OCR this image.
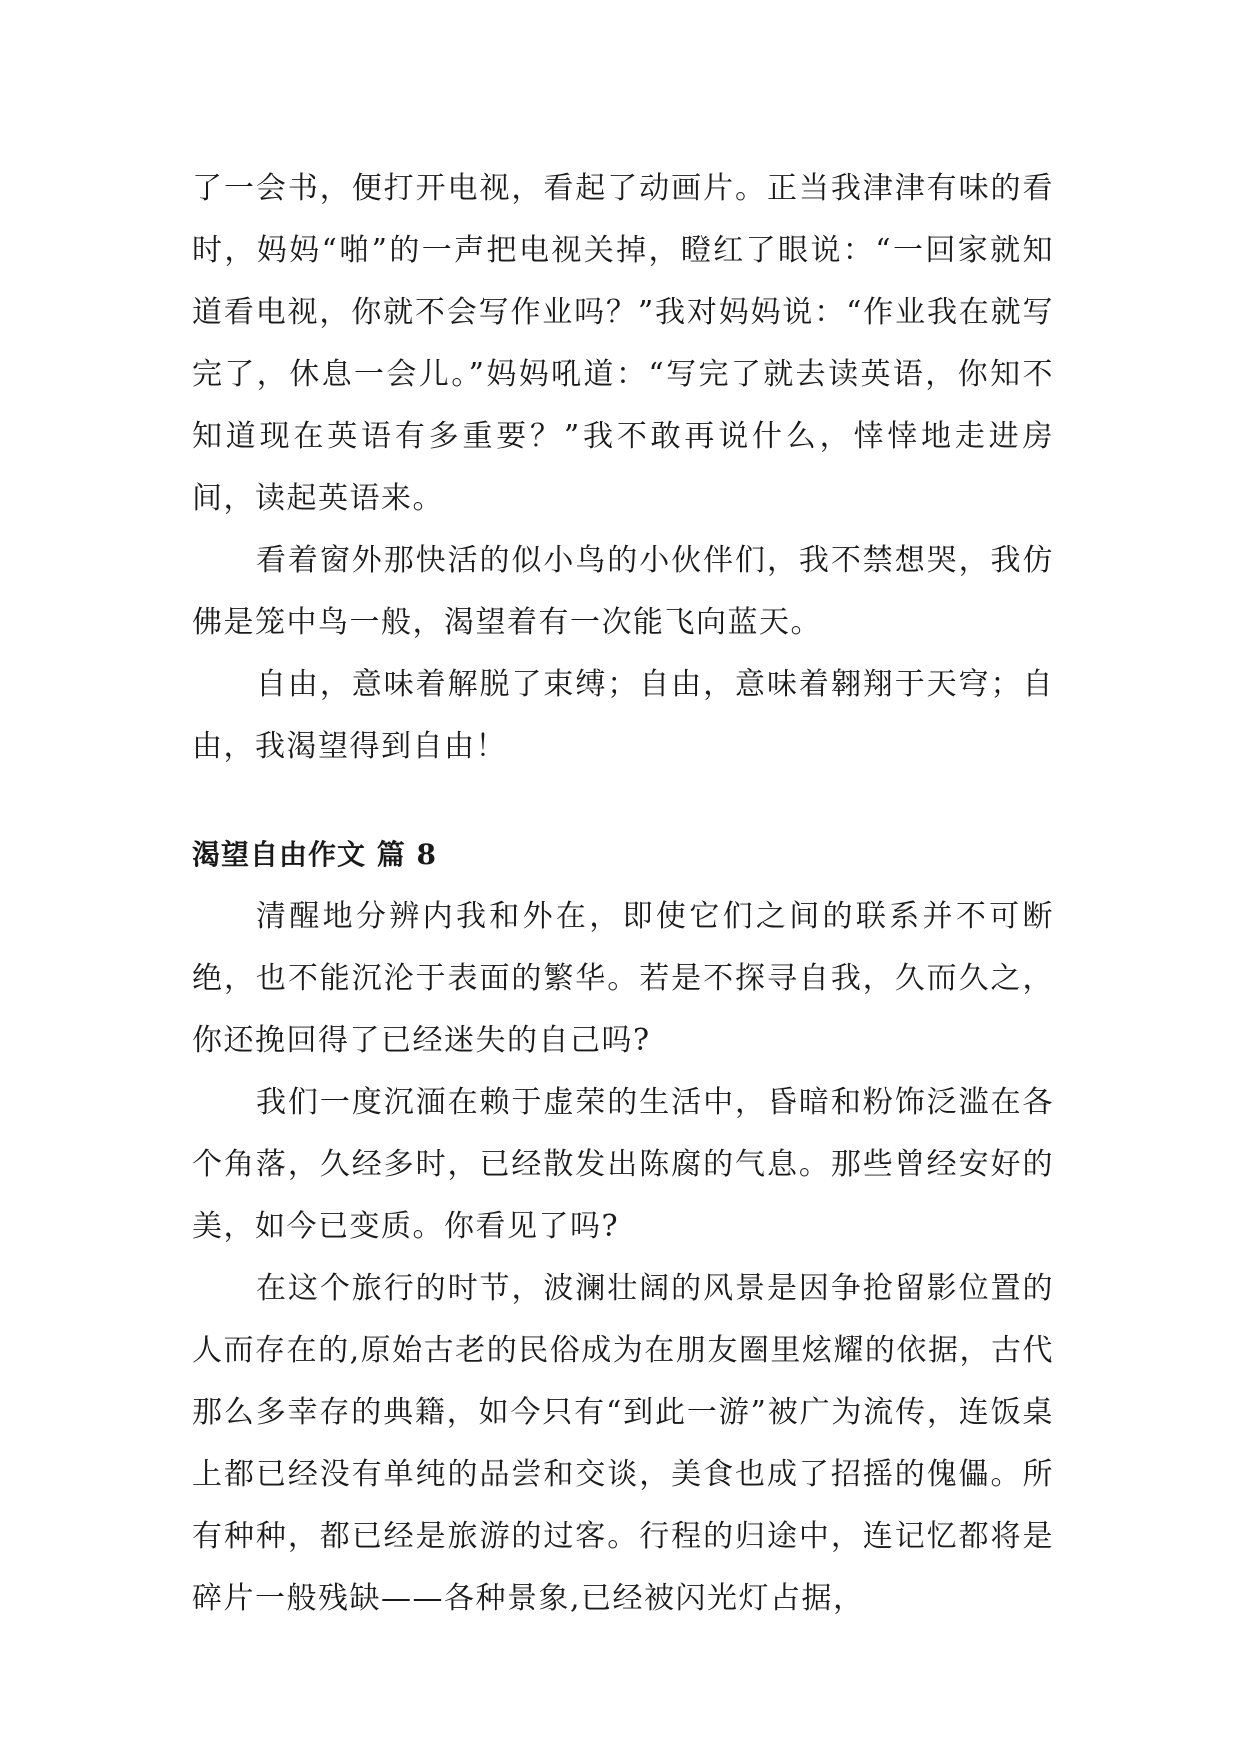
了一会书，便打开电视，看起了动画片。正当我津津有味的看时，妈妈“啪”的一声把电视关掉，瞪红了眼说：“一回家就知道看电视，你就不会写作业吗？”我对妈妈说：“作业我在就写完了，休息一会儿。”妈妈吼道：“写完了就去读英语，你知不知道现在英语有多重要？”我不敢再说什么，悻悻地走进房间，读起英语来。

看着窗外那快活的似小鸟的小伙伴们，我不禁想哭，我仿佛是笼中鸟一般，渴望着有一次能飞向蓝天。

自由，意味着解脱了束缚；自由，意味着翱翔于天穹；自由，我渴望得到自由！

渴望自由作文 篇 8

清醒地分辨内我和外在，即使它们之间的联系并不可断绝，也不能沉沦于表面的繁华。若是不探寻自我，久而久之，你还挽回得了已经迷失的自己吗?

我们一度沉湎在赖于虚荣的生活中，昏暗和粉饰泛滥在各个角落，久经多时，已经散发出陈腐的气息。那些曾经安好的美，如今已变质。你看见了吗?

在这个旅行的时节，波澜壮阔的风景是因争抢留影位置的人而存在的,原始古老的民俗成为在朋友圈里炫耀的依据，古代那么多幸存的典籍，如今只有“到此一游”被广为流传，连饭桌上都已经没有单纯的品尝和交谈，美食也成了招摇的傀儡。所有种种，都已经是旅游的过客。行程的归途中，连记忆都将是碎片一般残缺——各种景象,已经被闪光灯占据，
